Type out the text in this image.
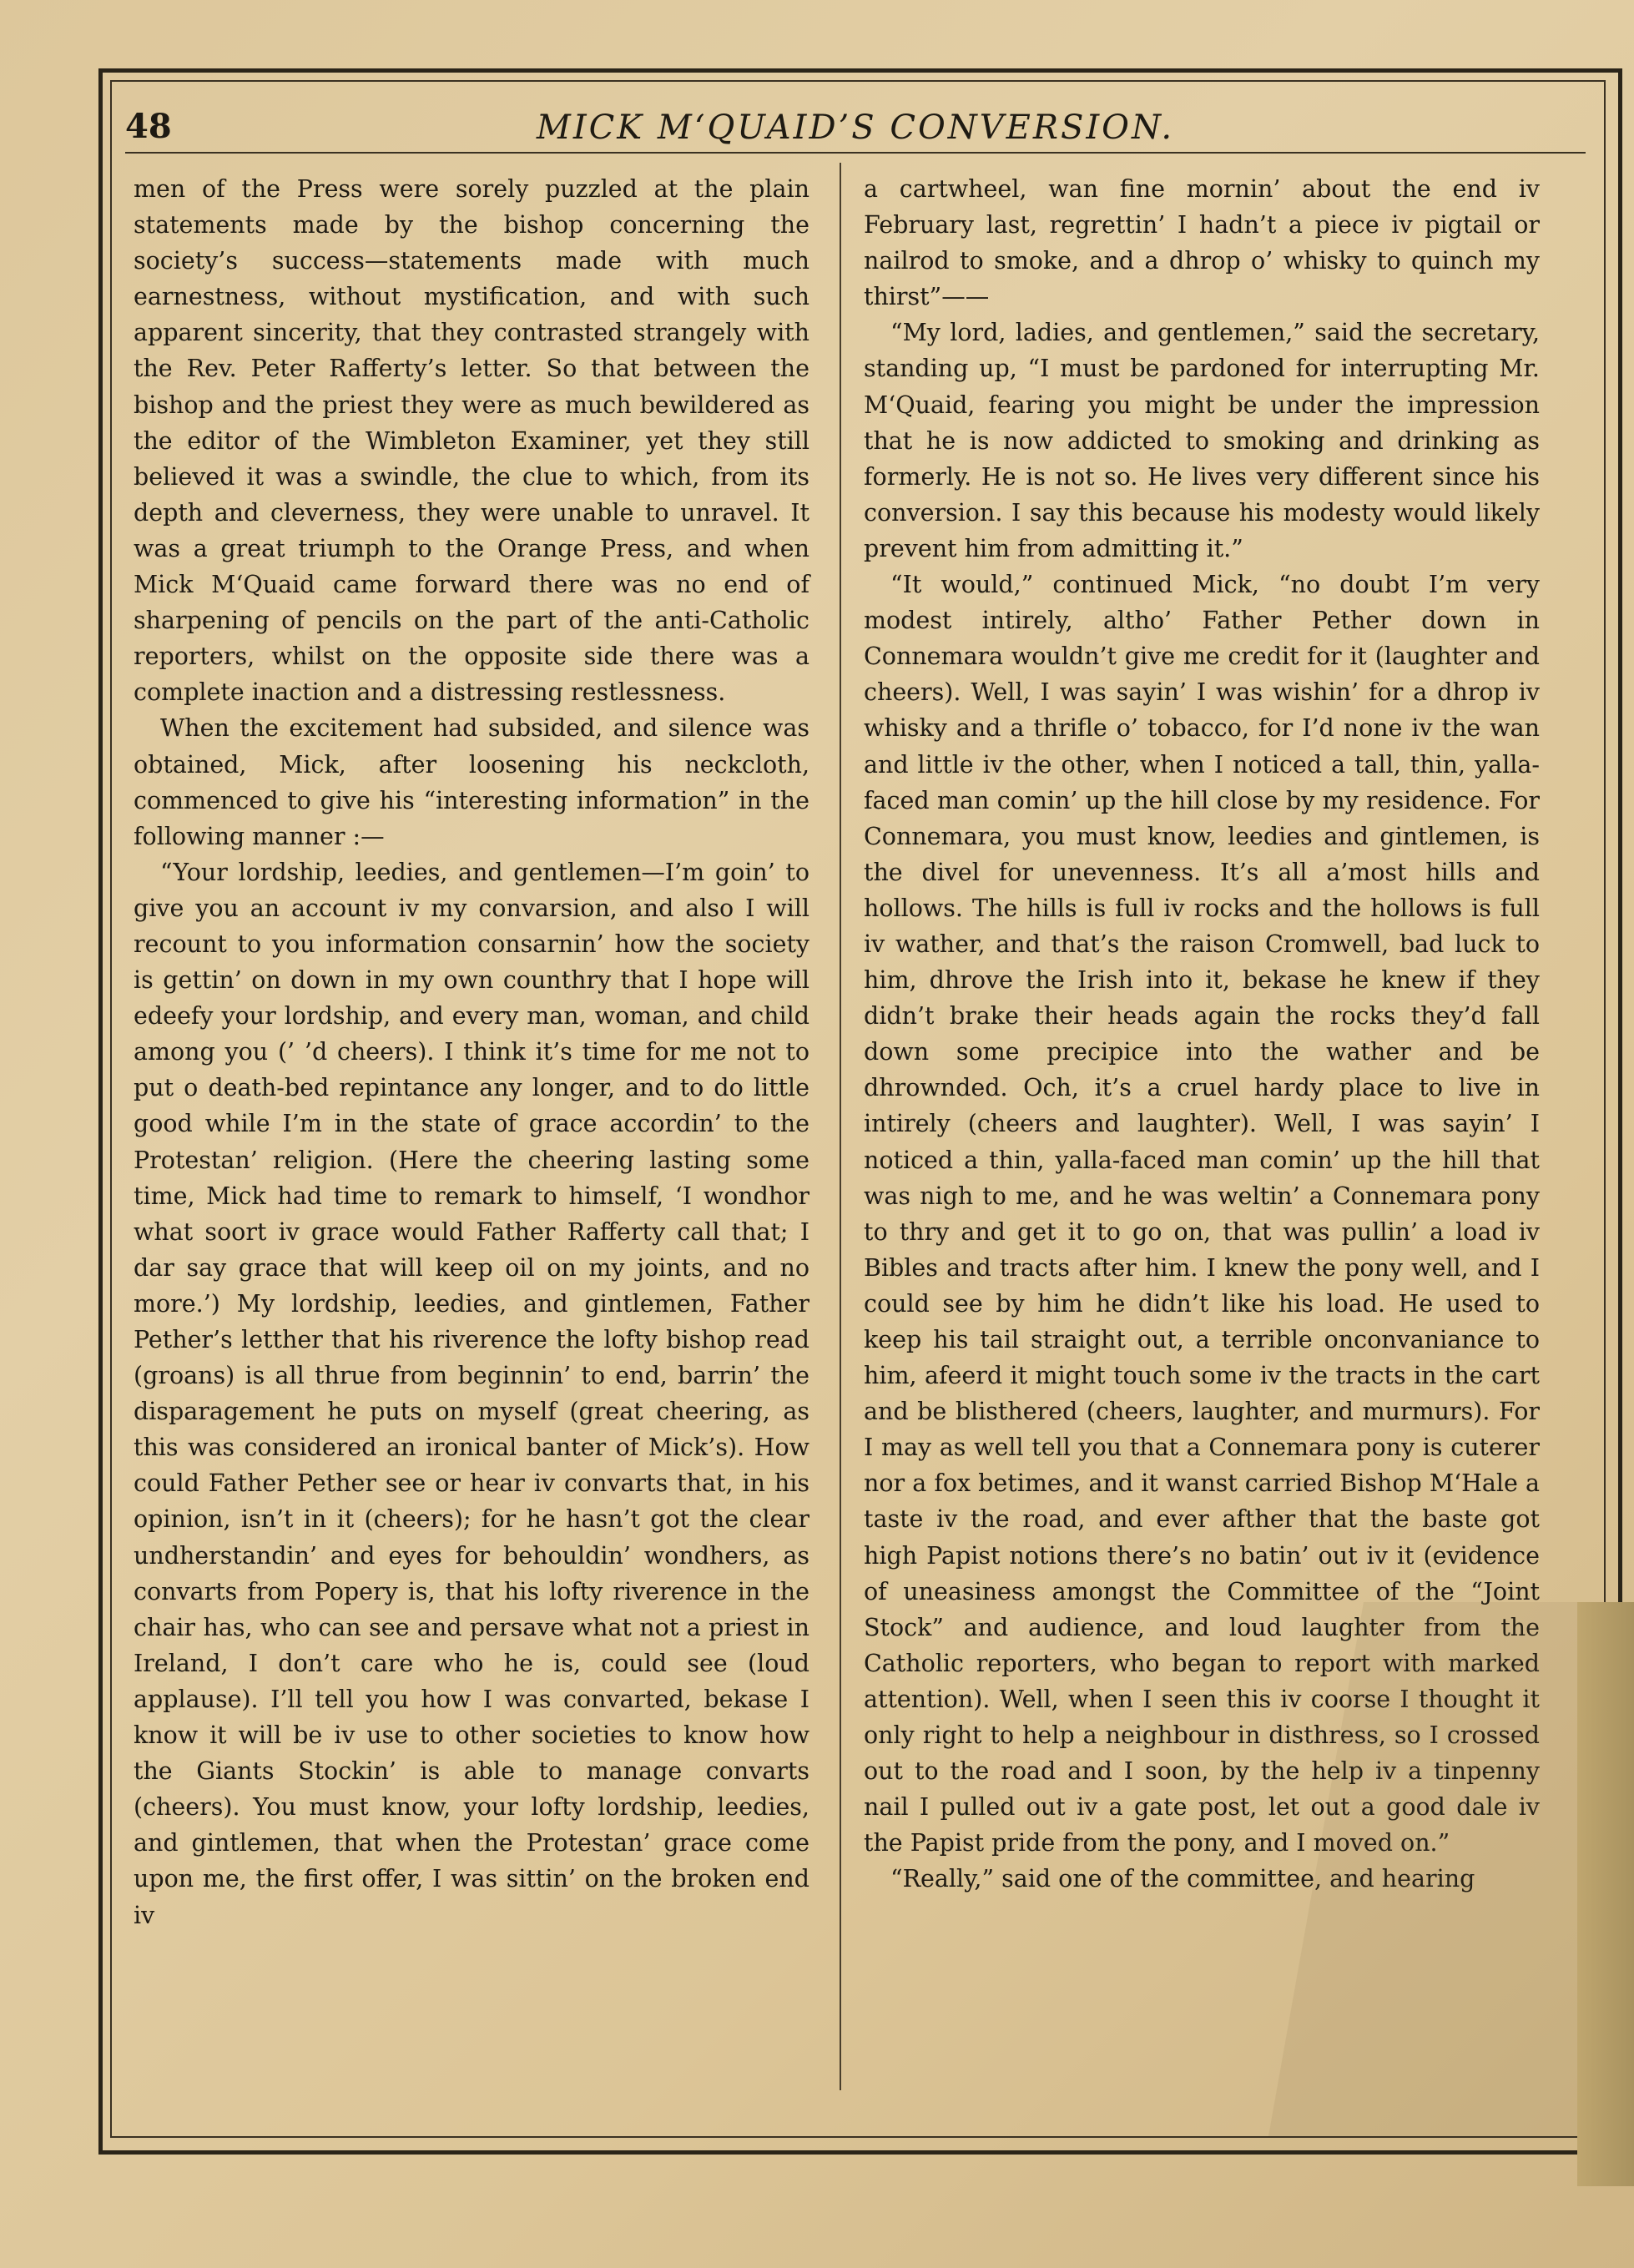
48	MICK M‘QUAID’S CONVERSION.

men of the Press were sorely puzzled at the plain statements made by the bishop concerning the society’s success—statements made with much earnestness, without mystification, and with such apparent sincerity, that they contrasted strangely with the Rev. Peter Rafferty’s letter. So that between the bishop and the priest they were as much bewildered as the editor of the Wimbleton Examiner, yet they still believed it was a swindle, the clue to which, from its depth and cleverness, they were unable to unravel. It was a great triumph to the Orange Press, and when Mick M‘Quaid came forward there was no end of sharpening of pencils on the part of the anti-Catholic reporters, whilst on the opposite side there was a complete inaction and a distressing restlessness.

When the excitement had subsided, and silence was obtained, Mick, after loosening his neckcloth, commenced to give his “interesting information” in the following manner :—

“Your lordship, leedies, and gentlemen—I’m goin’ to give you an account iv my convarsion, and also I will recount to you information consarnin’ how the society is gettin’ on down in my own counthry that I hope will edeefy your lordship, and every man, woman, and child among you (’ ’d cheers). I think it’s time for me not to put o death-bed repintance any longer, and to do little good while I’m in the state of grace accordin’ to the Protestan’ religion. (Here the cheering lasting some time, Mick had time to remark to himself, ‘I wondhor what soort iv grace would Father Rafferty call that; I dar say grace that will keep oil on my joints, and no more.’) My lordship, leedies, and gintlemen, Father Pether’s letther that his riverence the lofty bishop read (groans) is all thrue from beginnin’ to end, barrin’ the disparagement he puts on myself (great cheering, as this was considered an ironical banter of Mick’s). How could Father Pether see or hear iv convarts that, in his opinion, isn’t in it (cheers); for he hasn’t got the clear undherstandin’ and eyes for behouldin’ wondhers, as convarts from Popery is, that his lofty riverence in the chair has, who can see and persave what not a priest in Ireland, I don’t care who he is, could see (loud applause). I’ll tell you how I was convarted, bekase I know it will be iv use to other societies to know how the Giants Stockin’ is able to manage convarts (cheers). You must know, your lofty lordship, leedies, and gintlemen, that when the Protestan’ grace come upon me, the first offer, I was sittin’ on the broken end iv

a cartwheel, wan fine mornin’ about the end iv February last, regrettin’ I hadn’t a piece iv pigtail or nailrod to smoke, and a dhrop o’ whisky to quinch my thirst”——

“My lord, ladies, and gentlemen,” said the secretary, standing up, “I must be pardoned for interrupting Mr. M‘Quaid, fearing you might be under the impression that he is now addicted to smoking and drinking as formerly. He is not so. He lives very different since his conversion. I say this because his modesty would likely prevent him from admitting it.”

“It would,” continued Mick, “no doubt I’m very modest intirely, altho’ Father Pether down in Connemara wouldn’t give me credit for it (laughter and cheers). Well, I was sayin’ I was wishin’ for a dhrop iv whisky and a thrifle o’ tobacco, for I’d none iv the wan and little iv the other, when I noticed a tall, thin, yalla-faced man comin’ up the hill close by my residence. For Connemara, you must know, leedies and gintlemen, is the divel for unevenness. It’s all a’most hills and hollows. The hills is full iv rocks and the hollows is full iv wather, and that’s the raison Cromwell, bad luck to him, dhrove the Irish into it, bekase he knew if they didn’t brake their heads again the rocks they’d fall down some precipice into the wather and be dhrownded. Och, it’s a cruel hardy place to live in intirely (cheers and laughter). Well, I was sayin’ I noticed a thin, yalla-faced man comin’ up the hill that was nigh to me, and he was weltin’ a Connemara pony to thry and get it to go on, that was pullin’ a load iv Bibles and tracts after him. I knew the pony well, and I could see by him he didn’t like his load. He used to keep his tail straight out, a terrible onconvaniance to him, afeerd it might touch some iv the tracts in the cart and be blisthered (cheers, laughter, and murmurs). For I may as well tell you that a Connemara pony is cuterer nor a fox betimes, and it wanst carried Bishop M‘Hale a taste iv the road, and ever afther that the baste got high Papist notions there’s no batin’ out iv it (evidence of uneasiness amongst the Committee of the “Joint Stock” and audience, and loud laughter from the Catholic reporters, who began to report with marked attention). Well, when I seen this iv coorse I thought it only right to help a neighbour in disthress, so I crossed out to the road and I soon, by the help iv a tinpenny nail I pulled out iv a gate post, let out a good dale iv the Papist pride from the pony, and I moved on.”

“Really,” said one of the committee, and hearing
